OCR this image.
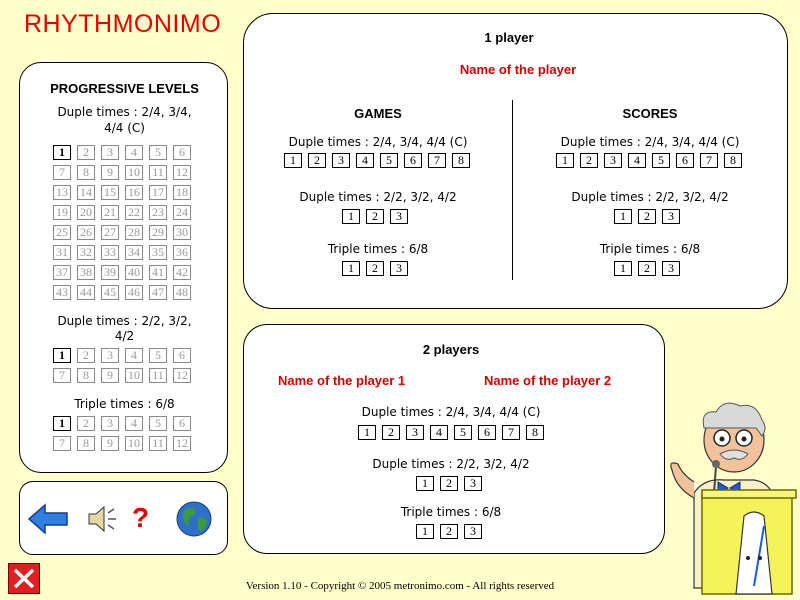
RHYTHMONIMO
PROGRESSIVE LEVELS
Duple times : 2/4, 3/4,
4/4 (C)
1	2	3	4	5	6
7	8	9	10 11 12
13 14 15 16 17 18
19 20 21 22 23 24
25 26 27 28 29 30
31 32 33 34 35 36
37 38 39 40 41 42
43 44 45 46 47 48
Duple times : 2/2, 3/2,
4/2
1	2	3	4	5	6
7	8	9	10 11 12
Triple times : 6/8
1	2	3	4	5	6
7	8	9	10 11 12
?
1 player
Name of the player
GAMES	SCORES
Duple times : 2/4, 3/4, 4/4 (C)
1	2	3	4	5	6	7	8
Duple times : 2/2, 3/2, 4/2
1	2	3
Triple times : 6/8
1	2	3
Duple times : 2/4, 3/4, 4/4 (C)
1	2	3	4	5	6	7	8
Duple times : 2/2, 3/2, 4/2
1	2	3
Triple times : 6/8
1	2	3
2 players
Name of the player 1	Name of the player 2
Duple times : 2/4, 3/4, 4/4 (C)
1	2	3	4	5	6	7	8
Duple times : 2/2, 3/2, 4/2
1	2	3
Triple times : 6/8
1	2	3
Version 1.10 - Copyright © 2005 metronimo.com - All rights reserved
